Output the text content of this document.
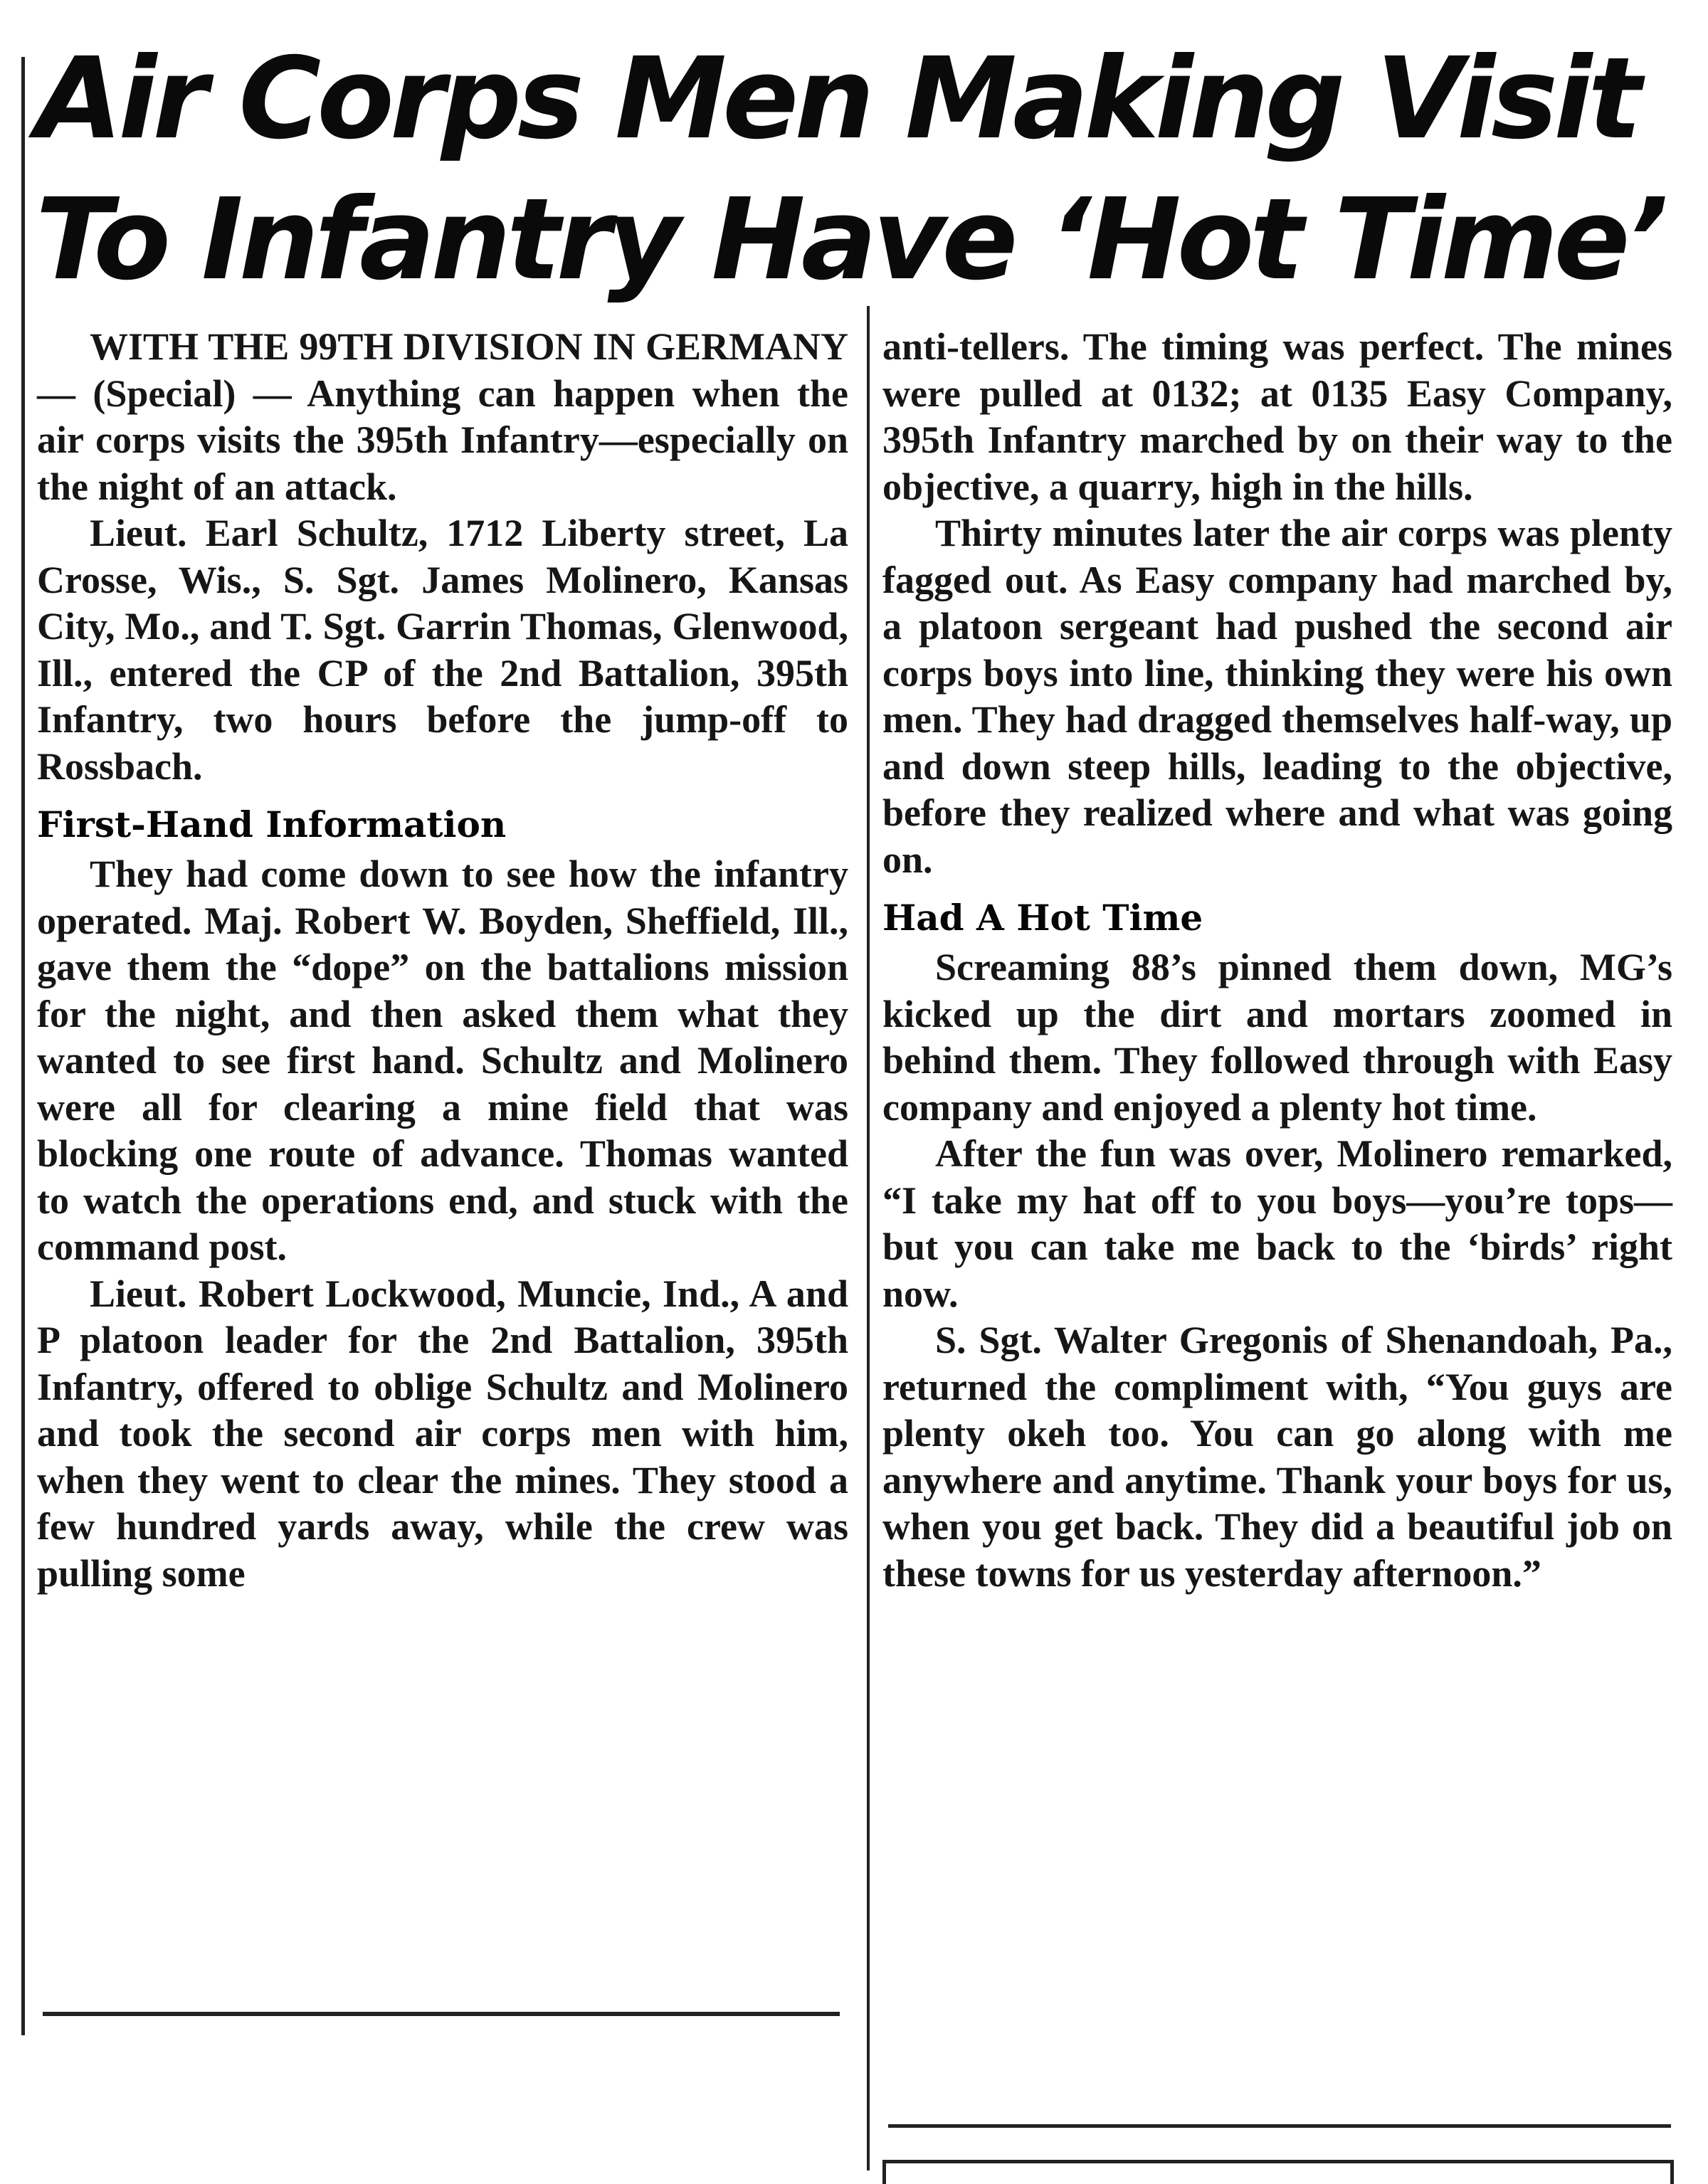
Air Corps Men Making Visit
To Infantry Have ‘Hot Time’

WITH THE 99TH DIVISION IN GERMANY — (Special) — Anything can happen when the air corps visits the 395th Infantry—especially on the night of an attack.

Lieut. Earl Schultz, 1712 Liberty street, La Crosse, Wis., S. Sgt. James Molinero, Kansas City, Mo., and T. Sgt. Garrin Thomas, Glenwood, Ill., entered the CP of the 2nd Battalion, 395th Infantry, two hours before the jump-off to Rossbach.

First-Hand Information

They had come down to see how the infantry operated. Maj. Robert W. Boyden, Sheffield, Ill., gave them the “dope” on the battalions mission for the night, and then asked them what they wanted to see first hand. Schultz and Molinero were all for clearing a mine field that was blocking one route of advance. Thomas wanted to watch the operations end, and stuck with the command post.

Lieut. Robert Lockwood, Muncie, Ind., A and P platoon leader for the 2nd Battalion, 395th Infantry, offered to oblige Schultz and Molinero and took the second air corps men with him, when they went to clear the mines. They stood a few hundred yards away, while the crew was pulling some

anti-tellers. The timing was perfect. The mines were pulled at 0132; at 0135 Easy Company, 395th Infantry marched by on their way to the objective, a quarry, high in the hills.

Thirty minutes later the air corps was plenty fagged out. As Easy company had marched by, a platoon sergeant had pushed the second air corps boys into line, thinking they were his own men. They had dragged themselves half-way, up and down steep hills, leading to the objective, before they realized where and what was going on.

Had A Hot Time

Screaming 88’s pinned them down, MG’s kicked up the dirt and mortars zoomed in behind them. They followed through with Easy company and enjoyed a plenty hot time.

After the fun was over, Molinero remarked, “I take my hat off to you boys—you’re tops—but you can take me back to the ‘birds’ right now.

S. Sgt. Walter Gregonis of Shenandoah, Pa., returned the compliment with, “You guys are plenty okeh too. You can go along with me anywhere and anytime. Thank your boys for us, when you get back. They did a beautiful job on these towns for us yesterday afternoon.”
